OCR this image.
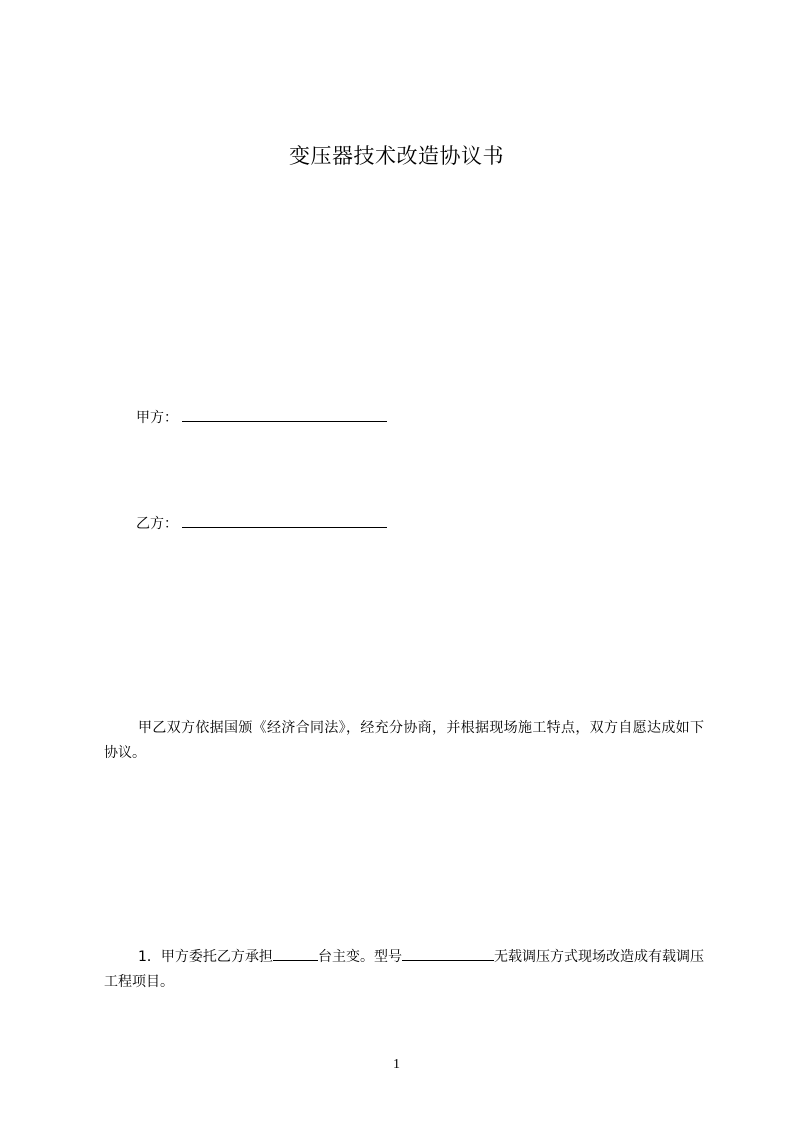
变压器技术改造协议书
甲方：
乙方：
甲乙双方依据国颁《经济合同法》，经充分协商，并根据现场施工特点，双方自愿达成如下协议。
1．甲方委托乙方承担	台主变。型号	无载调压方式现场改造成有载调压工程项目。
1
